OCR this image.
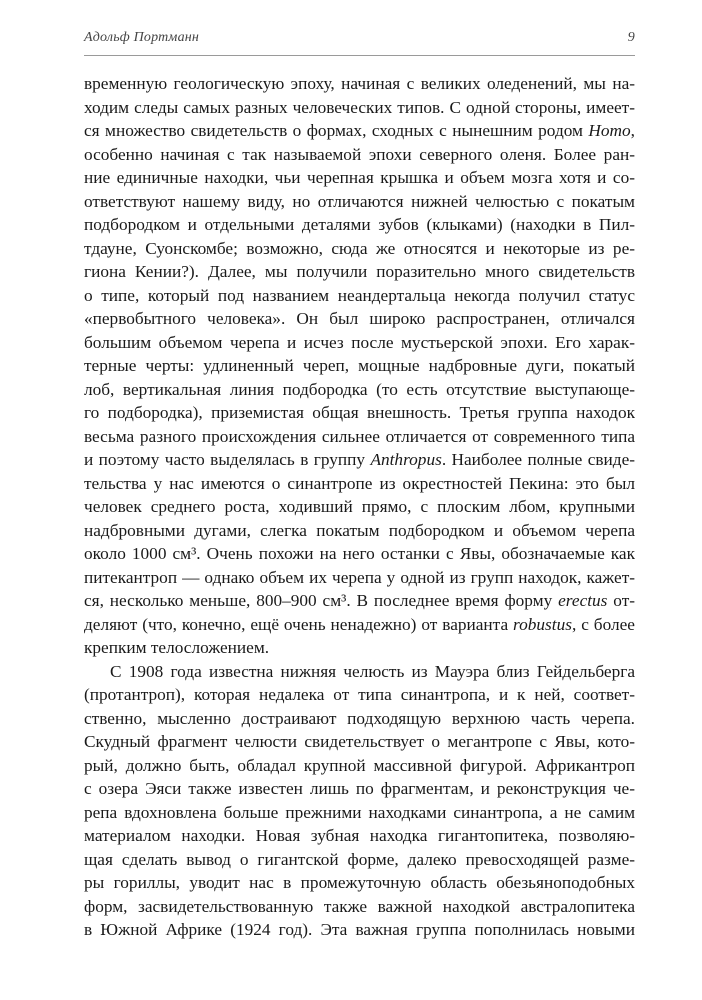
Адольф Портманн	9

временную геологическую эпоху, начиная с великих оледенений, мы на-
ходим следы самых разных человеческих типов. С одной стороны, имеет-
ся множество свидетельств о формах, сходных с нынешним родом Homo,
особенно начиная с так называемой эпохи северного оленя. Более ран-
ние единичные находки, чьи черепная крышка и объем мозга хотя и со-
ответствуют нашему виду, но отличаются нижней челюстью с покатым
подбородком и отдельными деталями зубов (клыками) (находки в Пил-
тдауне, Суонскомбе; возможно, сюда же относятся и некоторые из ре-
гиона Кении?). Далее, мы получили поразительно много свидетельств
о типе, который под названием неандертальца некогда получил статус
«первобытного человека». Он был широко распространен, отличался
большим объемом черепа и исчез после мустьерской эпохи. Его харак-
терные черты: удлиненный череп, мощные надбровные дуги, покатый
лоб, вертикальная линия подбородка (то есть отсутствие выступающе-
го подбородка), приземистая общая внешность. Третья группа находок
весьма разного происхождения сильнее отличается от современного типа
и поэтому часто выделялась в группу Anthropus. Наиболее полные свиде-
тельства у нас имеются о синантропе из окрестностей Пекина: это был
человек среднего роста, ходивший прямо, с плоским лбом, крупными
надбровными дугами, слегка покатым подбородком и объемом черепа
около 1000 см³. Очень похожи на него останки с Явы, обозначаемые как
питекантроп — однако объем их черепа у одной из групп находок, кажет-
ся, несколько меньше, 800–900 см³. В последнее время форму erectus от-
деляют (что, конечно, ещё очень ненадежно) от варианта robustus, с более
крепким телосложением.

С 1908 года известна нижняя челюсть из Мауэра близ Гейдельберга
(протантроп), которая недалека от типа синантропа, и к ней, соответ-
ственно, мысленно достраивают подходящую верхнюю часть черепа.
Скудный фрагмент челюсти свидетельствует о мегантропе с Явы, кото-
рый, должно быть, обладал крупной массивной фигурой. Африкантроп
с озера Эяси также известен лишь по фрагментам, и реконструкция че-
репа вдохновлена больше прежними находками синантропа, а не самим
материалом находки. Новая зубная находка гигантопитека, позволяю-
щая сделать вывод о гигантской форме, далеко превосходящей разме-
ры гориллы, уводит нас в промежуточную область обезьяноподобных
форм, засвидетельствованную также важной находкой австралопитека
в Южной Африке (1924 год). Эта важная группа пополнилась новыми
